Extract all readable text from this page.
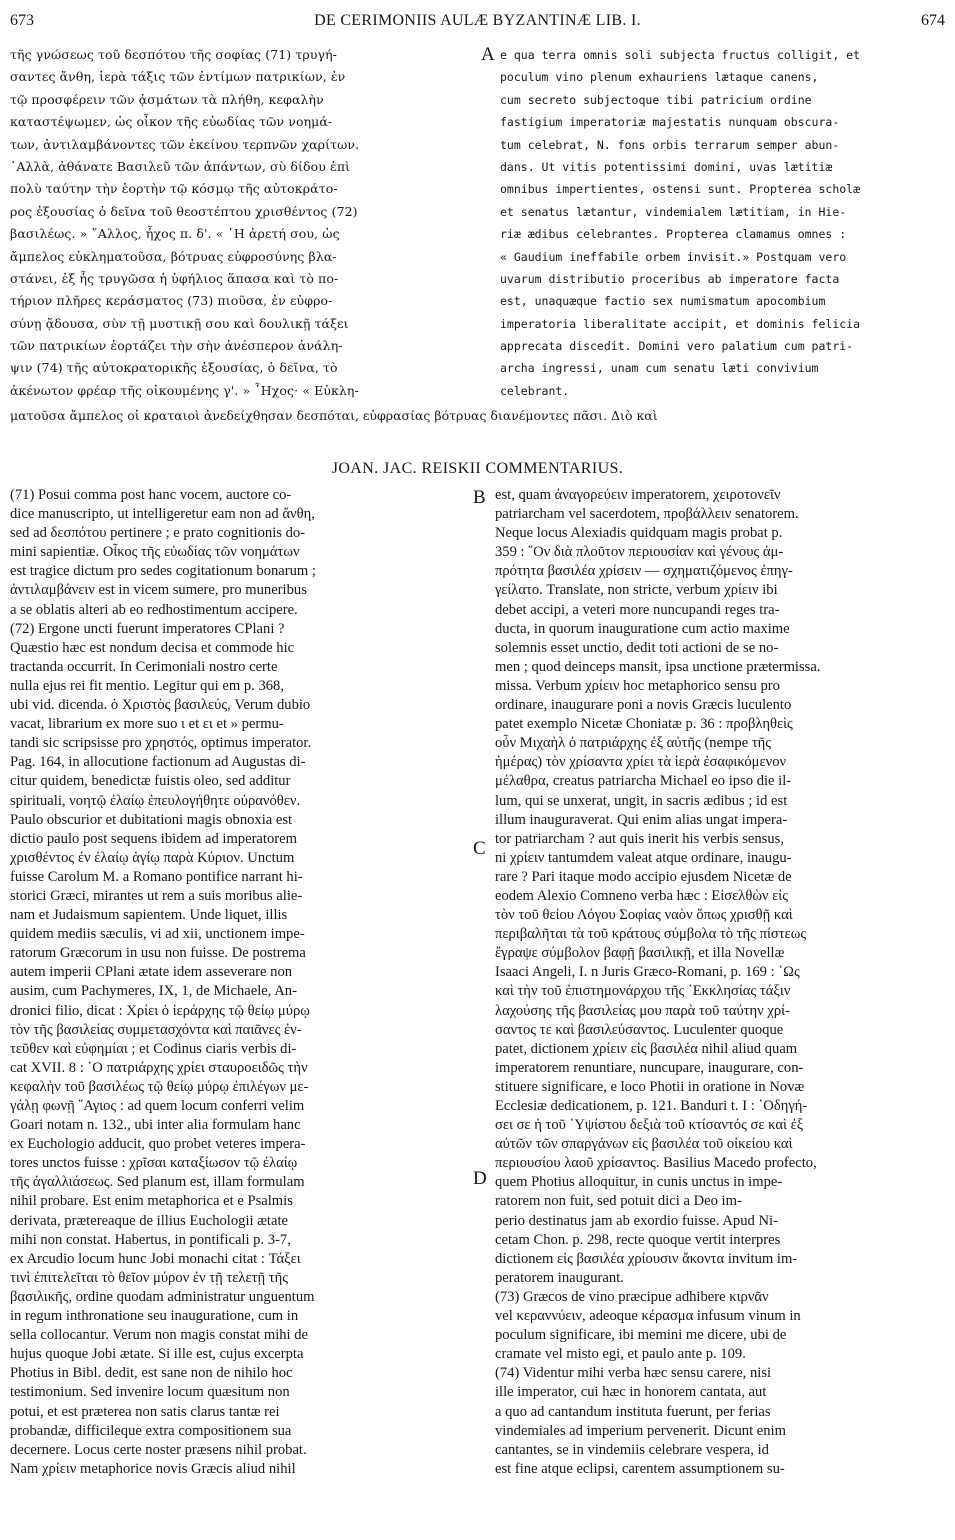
673	DE CERIMONIIS AULÆ BYZANTINÆ LIB. I.	674
τῆς γνώσεως τοῦ δεσπότου τῆς σοφίας (71) τρυγή-
σαντες ἄνθη, ἱερὰ τάξις τῶν ἐντίμων πατρικίων, ἐν
τῷ προσφέρειν τῶν ᾀσμάτων τὰ πλήθη, κεφαλὴν
καταστέψωμεν, ὡς οἶκον τῆς εὐωδίας τῶν νοημά-
των, ἀντιλαμβάνοντες τῶν ἐκείνου τερπνῶν χαρίτων.
᾽Αλλὰ, ἀθάνατε Βασιλεῦ τῶν ἁπάντων, σὺ δίδου ἐπὶ
πολὺ ταύτην τὴν ἑορτὴν τῷ κόσμῳ τῆς αὐτοκράτο-
ρος ἐξουσίας ὁ δεῖνα τοῦ θεοστέπτου χρισθέντος (72)
βασιλέως. » ῎Αλλος, ἦχος π. δ'. « ῾Η ἀρετή σου, ὡς
ἄμπελος εὐκληματοῦσα, βότρυας εὐφροσύνης βλα-
στάνει, ἐξ ἧς τρυγῶσα ἡ ὑφήλιος ἅπασα καὶ τὸ πο-
τήριον πλῆρες κεράσματος (73) πιοῦσα, ἐν εὐφρο-
σύνῃ ᾄδουσα, σὺν τῇ μυστικῇ σου καὶ δουλικῇ τάξει
τῶν πατρικίων ἑορτάζει τὴν σὴν ἀνέσπερον ἀνάλη-
ψιν (74) τῆς αὐτοκρατορικῆς ἐξουσίας, ὁ δεῖνα, τὸ
ἀκένωτον φρέαρ τῆς οἰκουμένης γ'. » ῏Ηχος· « Εὐκλη-
A e qua terra omnis soli subjecta fructus colligit, et
poculum vino plenum exhauriens lætaque canens,
cum secreto subjectoque tibi patricium ordine
fastigium imperatoriæ majestatis nunquam obscura-
tum celebrat, N. fons orbis terrarum semper abun-
dans. Ut vitis potentissimi domini, uvas lætitiæ
omnibus impertientes, ostensi sunt. Propterea scholæ
et senatus lætantur, vindemialem lætitiam, in Hie-
riæ ædibus celebrantes. Propterea clamamus omnes :
« Gaudium ineffabile orbem invisit.» Postquam vero
uvarum distributio proceribus ab imperatore facta
est, unaquæque factio sex numismatum apocombium
imperatoria liberalitate accipit, et dominis felicia
apprecata discedit. Domini vero palatium cum patri-
archa ingressi, unam cum senatu læti convivium
celebrant.
ματοῦσα ἄμπελος οἱ κραταιοὶ ἀνεδείχθησαν δεσπόται, εὐφρασίας βότρυας διανέμοντες πᾶσι. Διὸ καὶ
JOAN. JAC. REISKII COMMENTARIUS.
(71) Posui comma post hanc vocem, auctore co-
dice manuscripto, ut intelligeretur eam non ad ἄνθη,
sed ad δεσπότου pertinere ; e prato cognitionis do-
mini sapientiæ. Οἶκος τῆς εὐωδίας τῶν νοημάτων
est tragice dictum pro sedes cogitationum bonarum ;
ἀντιλαμβάνειν est in vicem sumere, pro muneribus
a se oblatis alteri ab eo redhostimentum accipere.
(72) Ergone uncti fuerunt imperatores CPlani ?
Quæstio hæc est nondum decisa et commode hic
tractanda occurrit. In Cerimoniali nostro certe
nulla ejus rei fit mentio. Legitur qui em p. 368,
ubi vid. dicenda. ὁ Χριστὸς βασιλεύς, Verum dubio
vacat, librarium ex more suo ι et ει et » permu-
tandi sic scripsisse pro χρηστός, optimus imperator.
Pag. 164, in allocutione factionum ad Augustas di-
citur quidem, benedictæ fuistis oleo, sed additur
spirituali, νοητῷ ἐλαίῳ ἐπευλογήθητε οὐρανόθεν.
Paulo obscurior et dubitationi magis obnoxia est
dictio paulo post sequens ibidem ad imperatorem
χρισθέντος ἐν ἐλαίῳ ἁγίῳ παρὰ Κύριον. Unctum
fuisse Carolum M. a Romano pontifice narrant hi-
storici Græci, mirantes ut rem a suis moribus alie-
nam et Judaismum sapientem. Unde liquet, illis
quidem mediis sæculis, vi ad xii, unctionem impe-
ratorum Græcorum in usu non fuisse. De postrema
autem imperii CPlani ætate idem asseverare non
ausim, cum Pachymeres, IX, 1, de Michaele, An-
dronici filio, dicat : Χρίει ὁ ἱεράρχης τῷ θείῳ μύρῳ
τὸν τῆς βασιλείας συμμετασχόντα καὶ παιᾶνες ἐν-
τεῦθεν καὶ εὐφημίαι ; et Codinus ciaris verbis di-
cat XVII. 8 : ῾Ο πατριάρχης χρίει σταυροειδῶς τὴν
κεφαλὴν τοῦ βασιλέως τῷ θείῳ μύρῳ ἐπιλέγων με-
γάλῃ φωνῇ ῞Αγιος : ad quem locum conferri velim
Goari notam n. 132., ubi inter alia formulam hanc
ex Euchologio adducit, quo probet veteres impera-
tores unctos fuisse : χρῖσαι καταξίωσον τῷ ἐλαίῳ
τῆς ἀγαλλιάσεως. Sed planum est, illam formulam
nihil probare. Est enim metaphorica et e Psalmis
derivata, prætereaque de illius Euchologii ætate
mihi non constat. Habertus, in pontificali p. 3-7,
ex Arcudio locum hunc Jobi monachi citat : Τάξει
τινὶ ἐπιτελεῖται τὸ θεῖον μύρον ἐν τῇ τελετῇ τῆς
βασιλικῆς, ordine quodam administratur unguentum
in regum inthronatione seu inauguratione, cum in
sella collocantur. Verum non magis constat mihi de
hujus quoque Jobi ætate. Si ille est, cujus excerpta
Photius in Bibl. dedit, est sane non de nihilo hoc
testimonium. Sed invenire locum quæsitum non
potui, et est præterea non satis clarus tantæ rei
probandæ, difficileque extra compositionem sua
decernere. Locus certe noster præsens nihil probat.
Nam χρίειν metaphorice novis Græcis aliud nihil
B
C
D
est, quam ἀναγορεύειν imperatorem, χειροτονεῖν
patriarcham vel sacerdotem, προβάλλειν senatorem.
Neque locus Alexiadis quidquam magis probat p.
359 : ῞Ον διὰ πλοῦτον περιουσίαν καὶ γένους ἀμ-
πρότητα βασιλέα χρίσειν — σχηματιζόμενος ἐπηγ-
γείλατο. Translate, non stricte, verbum χρίειν ibi
debet accipi, a veteri more nuncupandi reges tra-
ducta, in quorum inauguratione cum actio maxime
solemnis esset unctio, dedit toti actioni de se no-
men ; quod deinceps mansit, ipsa unctione prætermissa.
missa. Verbum χρίειν hoc metaphorico sensu pro
ordinare, inaugurare poni a novis Græcis luculento
patet exemplo Nicetæ Choniatæ p. 36 : προβληθεὶς
οὖν Μιχαὴλ ὁ πατριάρχης ἐξ αὐτῆς (nempe τῆς
ἡμέρας) τὸν χρίσαντα χρίει τὰ ἱερὰ ἐσαφικόμενον
μέλαθρα, creatus patriarcha Michael eo ipso die il-
lum, qui se unxerat, ungit, in sacris ædibus ; id est
illum inauguraverat. Qui enim alias ungat impera-
tor patriarcham ? aut quis inerit his verbis sensus,
ni χρίειν tantumdem valeat atque ordinare, inaugu-
rare ? Pari itaque modo accipio ejusdem Nicetæ de
eodem Alexio Comneno verba hæc : Εἰσελθὼν εἰς
τὸν τοῦ θείου Λόγου Σοφίας ναὸν ὅπως χρισθῇ καὶ
περιβαλῆται τὰ τοῦ κράτους σύμβολα τὸ τῆς πίστεως
ἔγραψε σύμβολον βαφῇ βασιλικῇ, et illa Novellæ
Isaaci Angeli, I. n Juris Græco-Romani, p. 169 : ῾Ως
καὶ τὴν τοῦ ἐπιστημονάρχου τῆς ᾽Εκκλησίας τάξιν
λαχούσης τῆς βασιλείας μου παρὰ τοῦ ταύτην χρί-
σαντος τε καὶ βασιλεύσαντος. Luculenter quoque
patet, dictionem χρίειν εἰς βασιλέα nihil aliud quam
imperatorem renuntiare, nuncupare, inaugurare, con-
stituere significare, e loco Photii in oratione in Novæ
Ecclesiæ dedicationem, p. 121. Banduri t. I : ᾽Οδηγή-
σει σε ἡ τοῦ ῾Υψίστου δεξιὰ τοῦ κτίσαντός σε καὶ ἐξ
αὐτῶν τῶν σπαργάνων εἰς βασιλέα τοῦ οἰκείου καὶ
περιουσίου λαοῦ χρίσαντος. Basilius Macedo profecto,
quem Photius alloquitur, in cunis unctus in impe-
ratorem non fuit, sed potuit dici a Deo im-
perio destinatus jam ab exordio fuisse. Apud Ni-
cetam Chon. p. 298, recte quoque vertit interpres
dictionem εἰς βασιλέα χρίουσιν ἄκοντα invitum im-
peratorem inaugurant.
(73) Græcos de vino præcipue adhibere κιρνᾶν
vel κεραννύειν, adeoque κέρασμα infusum vinum in
poculum significare, ibi memini me dicere, ubi de
cramate vel misto egi, et paulo ante p. 109.
(74) Videntur mihi verba hæc sensu carere, nisi
ille imperator, cui hæc in honorem cantata, aut
a quo ad cantandum instituta fuerunt, per ferias
vindemiales ad imperium pervenerit. Dicunt enim
cantantes, se in vindemiis celebrare vespera, id
est fine atque eclipsi, carentem assumptionem su-
